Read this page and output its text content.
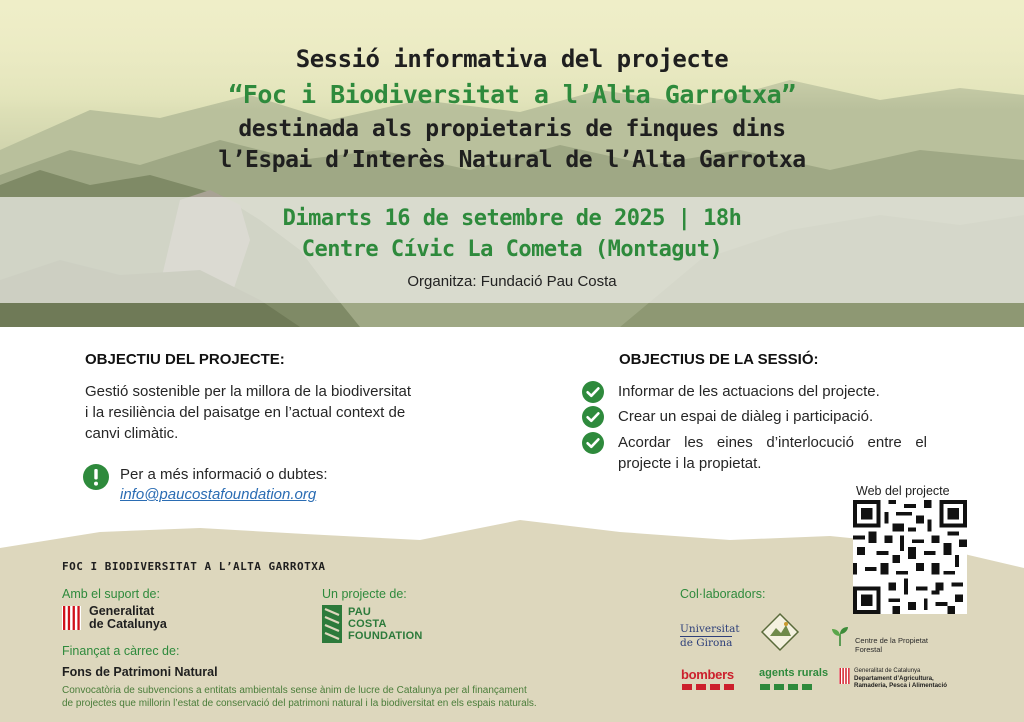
Sessió informativa del projecte
“Foc i Biodiversitat a l’Alta Garrotxa”
destinada als propietaris de finques dins
l’Espai d’Interès Natural de l’Alta Garrotxa
Dimarts 16 de setembre de 2025 | 18h
Centre Cívic La Cometa (Montagut)
Organitza: Fundació Pau Costa
OBJECTIU DEL PROJECTE:
Gestió sostenible per la millora de la biodiversitat
i la resiliència del paisatge en l’actual context de
canvi climàtic.
Per a més informació o dubtes:
info@paucostafoundation.org
OBJECTIUS DE LA SESSIÓ:
Informar de les actuacions del projecte.
Crear un espai de diàleg i participació.
Acordar les eines d’interlocució entre el projecte i la propietat.
FOC I BIODIVERSITAT A L’ALTA GARROTXA
Amb el suport de:
Generalitat
de Catalunya
Un projecte de:
PAU
COSTA
FOUNDATION
Finançat a càrrec de:
Fons de Patrimoni Natural
Convocatòria de subvencions a entitats ambientals sense ànim de lucre de Catalunya per al finançament
de projectes que millorin l’estat de conservació del patrimoni natural i la biodiversitat en els espais naturals.
Web del projecte
Col·laboradors:
Universitat
de Girona	Centre de la Propietat
Forestal
bombers agents rurals	Generalitat de Catalunya
Departament d’Agricultura,
Ramaderia, Pesca i Alimentació
